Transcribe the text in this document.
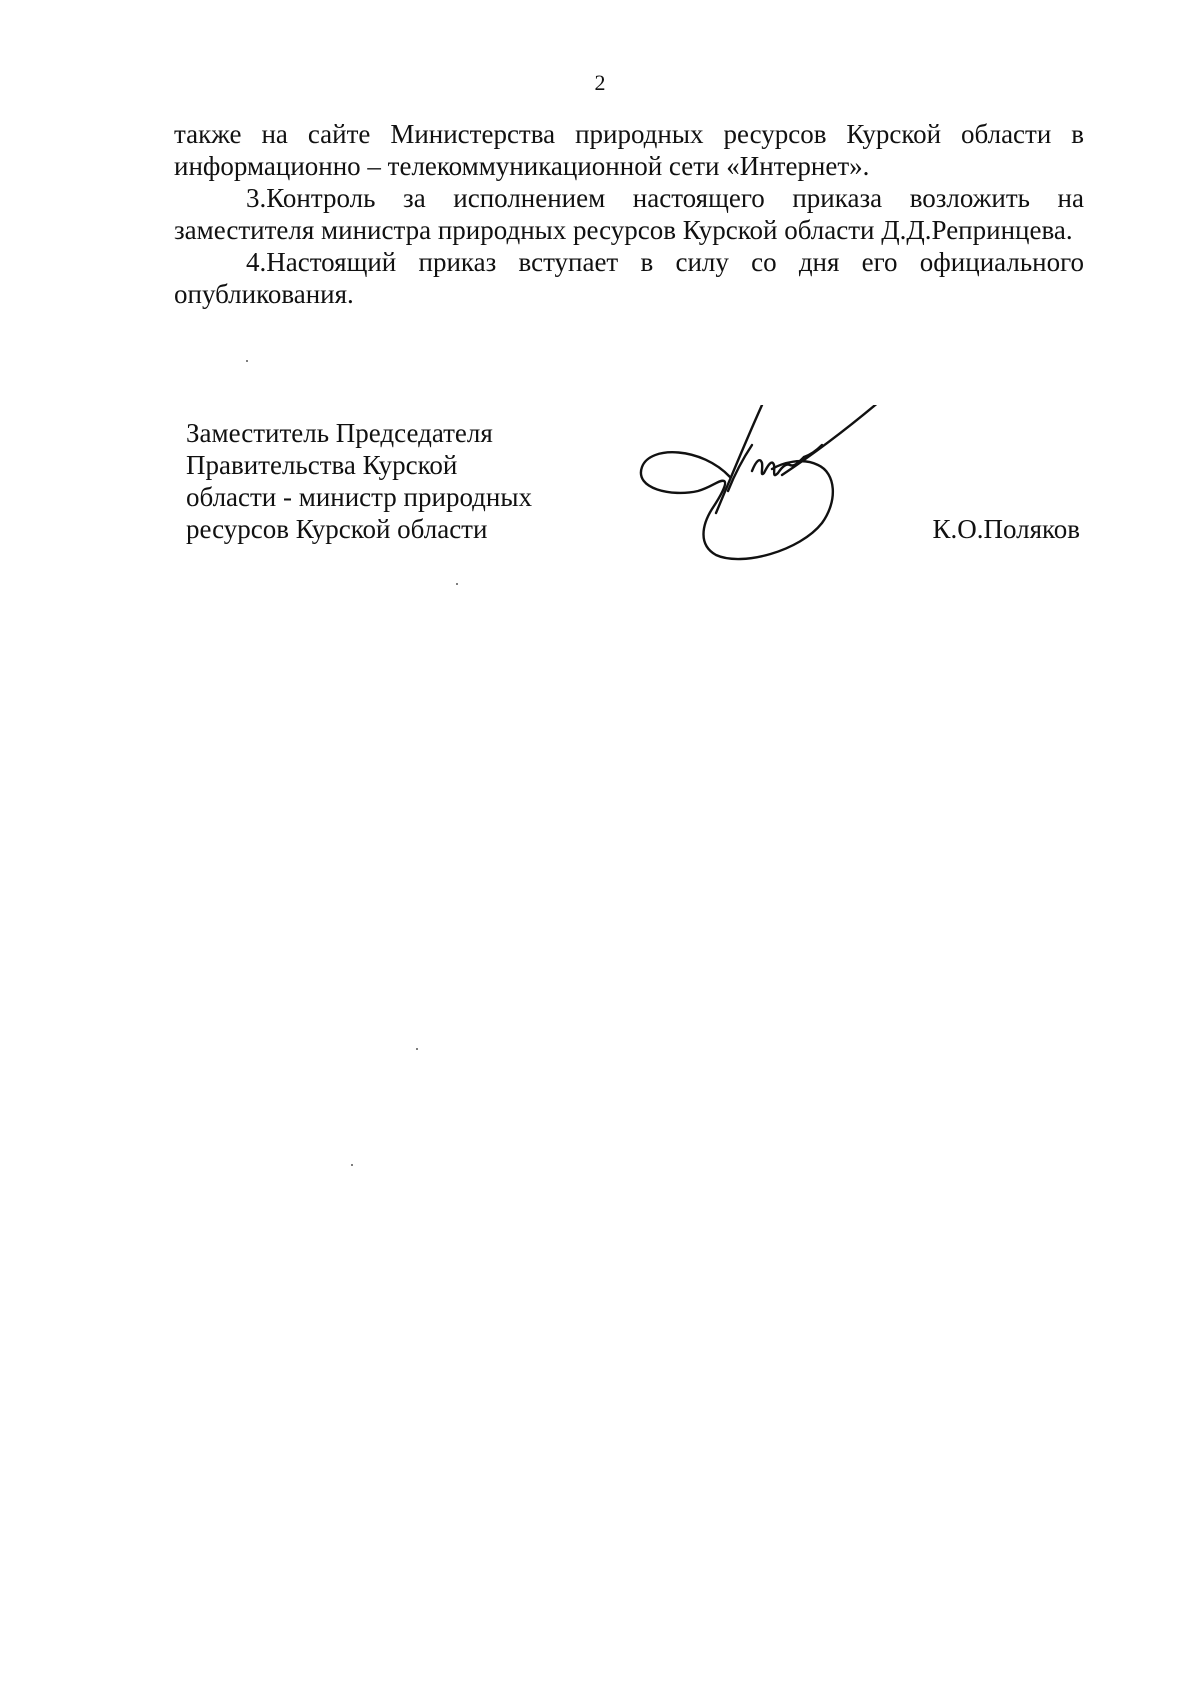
2

также на сайте Министерства природных ресурсов Курской области в информационно – телекоммуникационной сети «Интернет».

3.Контроль за исполнением настоящего приказа возложить на заместителя министра природных ресурсов Курской области Д.Д.Репринцева.

4.Настоящий приказ вступает в силу со дня его официального опубликования.

Заместитель Председателя
Правительства Курской
области - министр природных
ресурсов Курской области	К.О.Поляков
